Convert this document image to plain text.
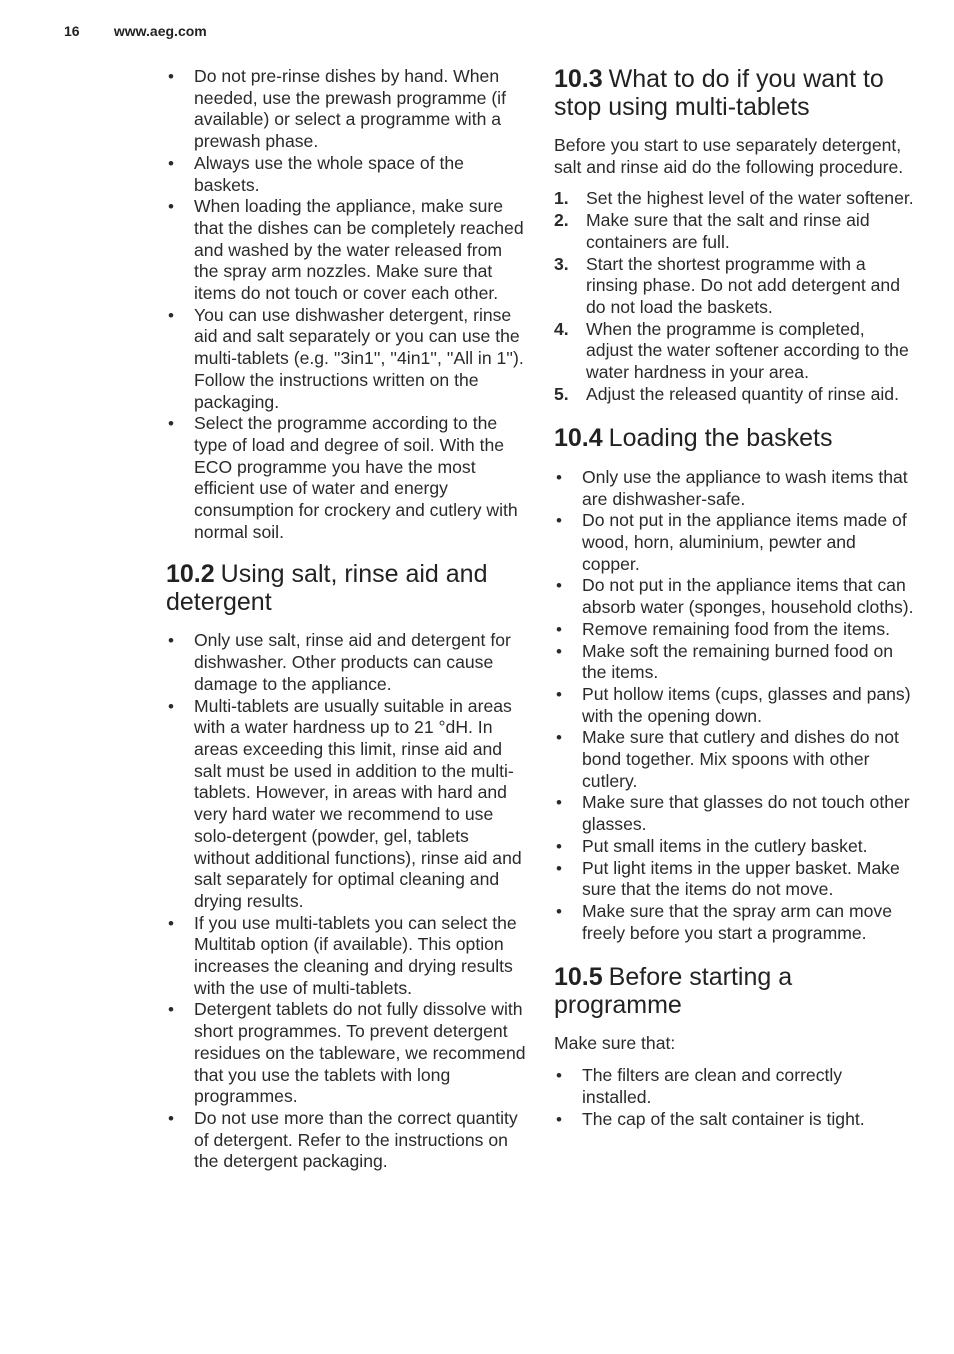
16 www.aeg.com
• Do not pre-rinse dishes by hand. When needed, use the prewash programme (if available) or select a programme with a prewash phase.
• Always use the whole space of the baskets.
• When loading the appliance, make sure that the dishes can be completely reached and washed by the water released from the spray arm nozzles. Make sure that items do not touch or cover each other.
• You can use dishwasher detergent, rinse aid and salt separately or you can use the multi-tablets (e.g. ''3in1'', ''4in1'', ''All in 1''). Follow the instructions written on the packaging.
• Select the programme according to the type of load and degree of soil. With the ECO programme you have the most efficient use of water and energy consumption for crockery and cutlery with normal soil.
10.2 Using salt, rinse aid and detergent
• Only use salt, rinse aid and detergent for dishwasher. Other products can cause damage to the appliance.
• Multi-tablets are usually suitable in areas with a water hardness up to 21 °dH. In areas exceeding this limit, rinse aid and salt must be used in addition to the multi-tablets. However, in areas with hard and very hard water we recommend to use solo-detergent (powder, gel, tablets without additional functions), rinse aid and salt separately for optimal cleaning and drying results.
• If you use multi-tablets you can select the Multitab option (if available). This option increases the cleaning and drying results with the use of multi-tablets.
• Detergent tablets do not fully dissolve with short programmes. To prevent detergent residues on the tableware, we recommend that you use the tablets with long programmes.
• Do not use more than the correct quantity of detergent. Refer to the instructions on the detergent packaging.
10.3 What to do if you want to stop using multi-tablets

Before you start to use separately detergent, salt and rinse aid do the following procedure.

1. Set the highest level of the water softener.
2. Make sure that the salt and rinse aid containers are full.
3. Start the shortest programme with a rinsing phase. Do not add detergent and do not load the baskets.
4. When the programme is completed, adjust the water softener according to the water hardness in your area.
5. Adjust the released quantity of rinse aid.
10.4 Loading the baskets
• Only use the appliance to wash items that are dishwasher-safe.
• Do not put in the appliance items made of wood, horn, aluminium, pewter and copper.
• Do not put in the appliance items that can absorb water (sponges, household cloths).
• Remove remaining food from the items.
• Make soft the remaining burned food on the items.
• Put hollow items (cups, glasses and pans) with the opening down.
• Make sure that cutlery and dishes do not bond together. Mix spoons with other cutlery.
• Make sure that glasses do not touch other glasses.
• Put small items in the cutlery basket.
• Put light items in the upper basket. Make sure that the items do not move.
• Make sure that the spray arm can move freely before you start a programme.
10.5 Before starting a programme

Make sure that:

• The filters are clean and correctly installed.
• The cap of the salt container is tight.
